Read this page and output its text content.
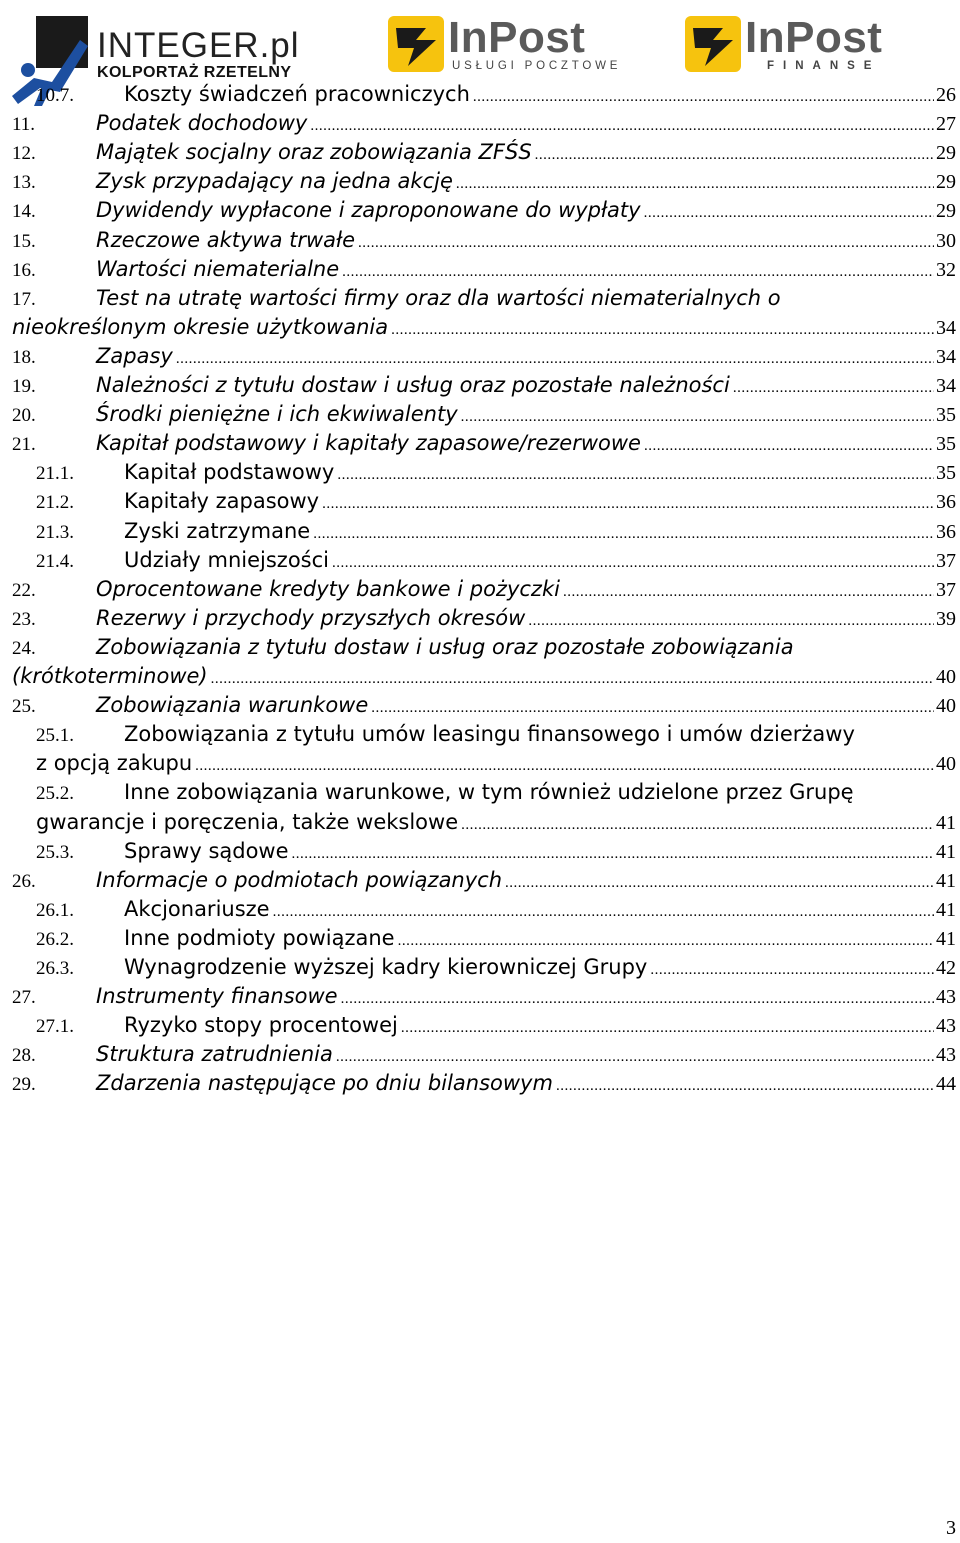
INTEGER.pl
KOLPORTAŻ RZETELNY
InPost
USŁUGI POCZTOWE
InPost
FINANSE
10.7.	Koszty świadczeń pracowniczych .....	26
11.	Podatek dochodowy .....	27
12.	Majątek socjalny oraz zobowiązania ZFŚS .....	29
13.	Zysk przypadający na jedna akcję .....	29
14.	Dywidendy wypłacone i zaproponowane do wypłaty .....	29
15.	Rzeczowe aktywa trwałe .....	30
16.	Wartości niematerialne .....	32
17.	Test na utratę wartości firmy oraz dla wartości niematerialnych o
nieokreślonym okresie użytkowania .....	34
18.	Zapasy .....	34
19.	Należności z tytułu dostaw i usług oraz pozostałe należności .....	34
20.	Środki pieniężne i ich ekwiwalenty .....	35
21.	Kapitał podstawowy i kapitały zapasowe/rezerwowe .....	35
21.1.	Kapitał podstawowy .....	35
21.2.	Kapitały zapasowy .....	36
21.3.	Zyski zatrzymane .....	36
21.4.	Udziały mniejszości .....	37
22.	Oprocentowane kredyty bankowe i pożyczki .....	37
23.	Rezerwy i przychody przyszłych okresów .....	39
24.	Zobowiązania z tytułu dostaw i usług oraz pozostałe zobowiązania
(krótkoterminowe) .....	40
25.	Zobowiązania warunkowe .....	40
25.1.	Zobowiązania z tytułu umów leasingu finansowego i umów dzierżawy
z opcją zakupu .....	40
25.2.	Inne zobowiązania warunkowe, w tym również udzielone przez Grupę
gwarancje i poręczenia, także wekslowe .....	41
25.3.	Sprawy sądowe .....	41
26.	Informacje o podmiotach powiązanych .....	41
26.1.	Akcjonariusze .....	41
26.2.	Inne podmioty powiązane .....	41
26.3.	Wynagrodzenie wyższej kadry kierowniczej Grupy .....	42
27.	Instrumenty finansowe .....	43
27.1.	Ryzyko stopy procentowej .....	43
28.	Struktura zatrudnienia .....	43
29.	Zdarzenia następujące po dniu bilansowym .....	44
3
